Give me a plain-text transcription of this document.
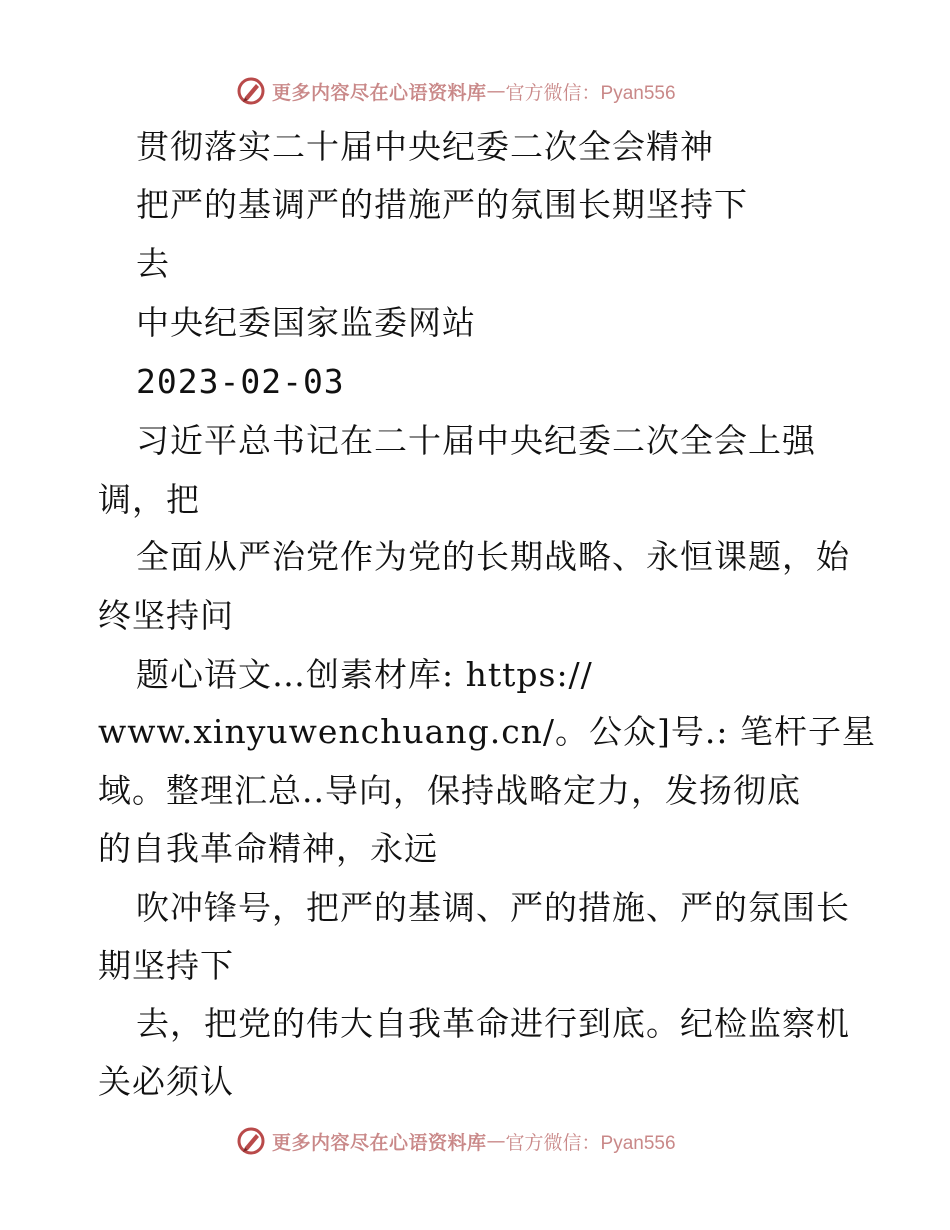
更多内容尽在心语资料库 — 官方微信：Pyan556
贯彻落实二十届中央纪委二次全会精神
把严的基调严的措施严的氛围长期坚持下
去
中央纪委国家监委网站
2023-02-03
习近平总书记在二十届中央纪委二次全会上强
调，把
全面从严治党作为党的长期战略、永恒课题，始
终坚持问
题心语文…创素材库: https://
www.xinyuwenchuang.cn/。公众]号.: 笔杆子星
域。整理汇总..导向，保持战略定力，发扬彻底
的自我革命精神，永远
吹冲锋号，把严的基调、严的措施、严的氛围长
期坚持下
去，把党的伟大自我革命进行到底。纪检监察机
关必须认
更多内容尽在心语资料库 — 官方微信：Pyan556
